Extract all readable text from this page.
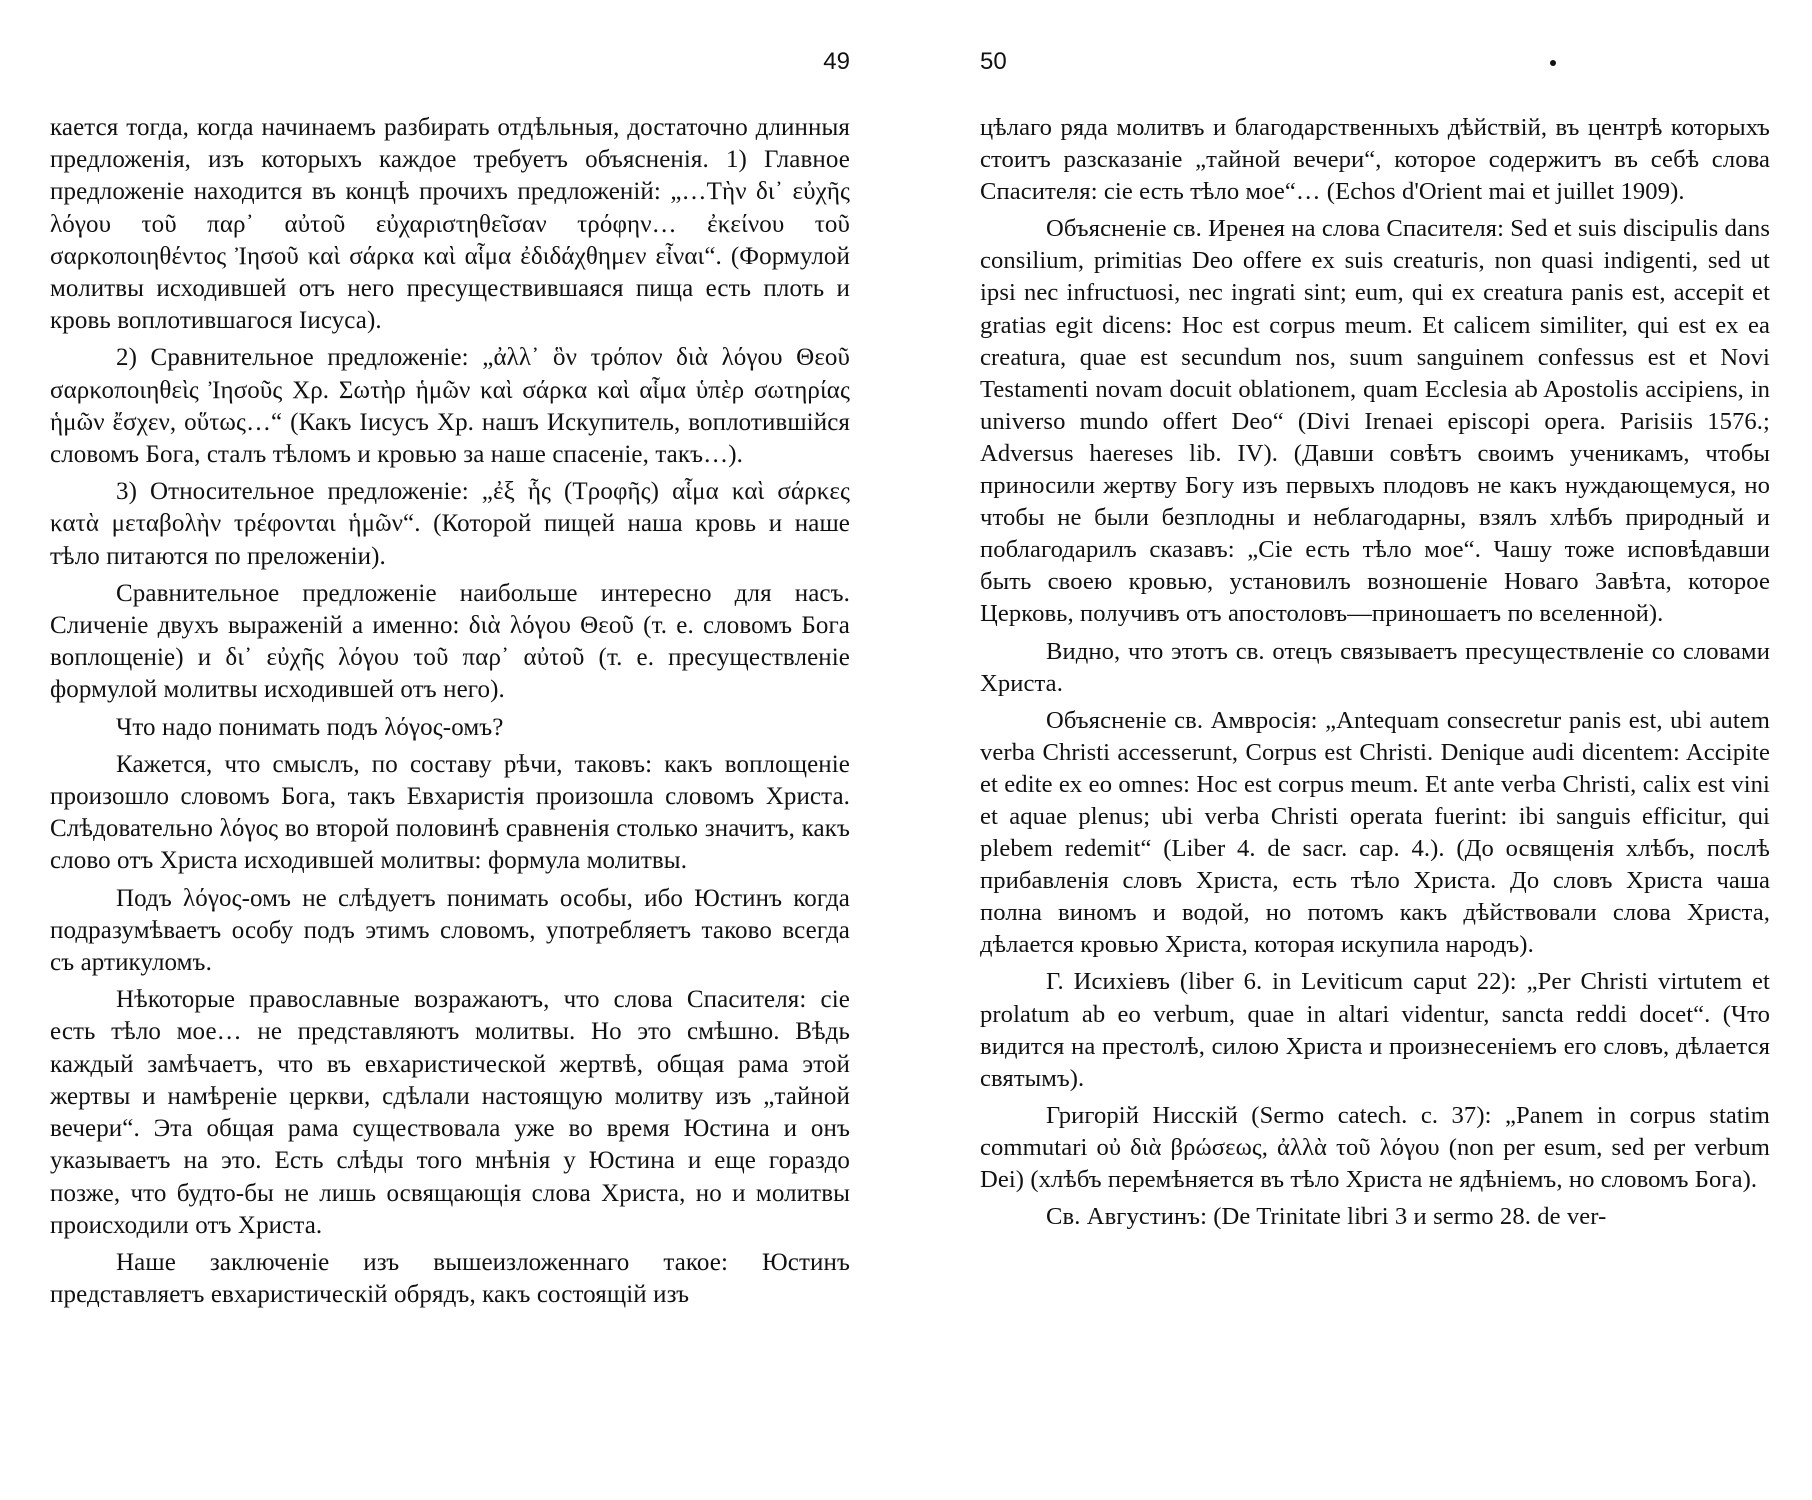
49

кается тогда, когда начинаемъ разбирать отдѣльныя, достаточно длинныя предложенія, изъ которыхъ каждое требуетъ объясненія. 1) Главное предложеніе находится въ концѣ прочихъ предложеній: „…Τὴν δι᾽ εὐχῆς λόγου τοῦ παρ᾽ αὐτοῦ εὐχαριστηθεῖσαν τρόφην… ἐκείνου τοῦ σαρκοποιηθέντος Ἰησοῦ καὶ σάρκα καὶ αἷμα ἐδιδάχθημεν εἶναι“. (Формулой молитвы исходившей отъ него пресуществившаяся пища есть плоть и кровь воплотившагося Іисуса).

2) Сравнительное предложеніе: „ἀλλ᾽ ὃν τρόπον διὰ λόγου Θεοῦ σαρκοποιηθεὶς Ἰησοῦς Χρ. Σωτὴρ ἡμῶν καὶ σάρκα καὶ αἷμα ὑπὲρ σωτηρίας ἡμῶν ἔσχεν, οὕτως…“ (Какъ Іисусъ Хр. нашъ Искупитель, воплотившійся словомъ Бога, сталъ тѣломъ и кровью за наше спасеніе, такъ…).

3) Относительное предложеніе: „ἐξ ἧς (Τροφῆς) αἷμα καὶ σάρκες κατὰ μεταβολὴν τρέφονται ἡμῶν“. (Которой пищей наша кровь и наше тѣло питаются по преложеніи).

Сравнительное предложеніе наибольше интересно для насъ. Сличеніе двухъ выраженій а именно: διὰ λόγου Θεοῦ (т. е. словомъ Бога воплощеніе) и δι᾽ εὐχῆς λόγου τοῦ παρ᾽ αὐτοῦ (т. е. пресуществленіе формулой молитвы исходившей отъ него).

Что надо понимать подъ λόγος-омъ?

Кажется, что смыслъ, по составу рѣчи, таковъ: какъ воплощеніе произошло словомъ Бога, такъ Евхаристія произошла словомъ Христа. Слѣдовательно λόγος во второй половинѣ сравненія столько значитъ, какъ слово отъ Христа исходившей молитвы: формула молитвы.

Подъ λόγος-омъ не слѣдуетъ понимать особы, ибо Юстинъ когда подразумѣваетъ особу подъ этимъ словомъ, употребляетъ таково всегда съ артикуломъ.

Нѣкоторые православные возражаютъ, что слова Спасителя: сіе есть тѣло мое… не представляютъ молитвы. Но это смѣшно. Вѣдь каждый замѣчаетъ, что въ евхаристической жертвѣ, общая рама этой жертвы и намѣреніе церкви, сдѣлали настоящую молитву изъ „тайной вечери“. Эта общая рама существовала уже во время Юстина и онъ указываетъ на это. Есть слѣды того мнѣнія у Юстина и еще гораздо позже, что будто-бы не лишь освящающія слова Христа, но и молитвы происходили отъ Христа.

Наше заключеніе изъ вышеизложеннаго такое: Юстинъ представляетъ евхаристическій обрядъ, какъ состоящій изъ

50

цѣлаго ряда молитвъ и благодарственныхъ дѣйствій, въ центрѣ которыхъ стоитъ разсказаніе „тайной вечери“, которое содержитъ въ себѣ слова Спасителя: сіе есть тѣло мое“… (Echos d'Orient mai et juillet 1909).

Объясненіе св. Иренея на слова Спасителя: Sed et suis discipulis dans consilium, primitias Deo offere ex suis creaturis, non quasi indigenti, sed ut ipsi nec infructuosi, nec ingrati sint; eum, qui ex creatura panis est, accepit et gratias egit dicens: Hoc est corpus meum. Et calicem similiter, qui est ex ea creatura, quae est secundum nos, suum sanguinem confessus est et Novi Testamenti novam docuit oblationem, quam Ecclesia ab Apostolis accipiens, in universo mundo offert Deo“ (Divi Irenaei episcopi opera. Parisiis 1576.; Adversus haereses lib. IV). (Давши совѣтъ своимъ ученикамъ, чтобы приносили жертву Богу изъ первыхъ плодовъ не какъ нуждающемуся, но чтобы не были безплодны и неблагодарны, взялъ хлѣбъ природный и поблагодарилъ сказавъ: „Сіе есть тѣло мое“. Чашу тоже исповѣдавши быть своею кровью, установилъ возношеніе Новаго Завѣта, которое Церковь, получивъ отъ апостоловъ—приношаетъ по вселенной).

Видно, что этотъ св. отецъ связываетъ пресуществленіе со словами Христа.

Объясненіе св. Амвросія: „Antequam consecretur panis est, ubi autem verba Christi accesserunt, Corpus est Christi. Denique audi dicentem: Accipite et edite ex eo omnes: Hoc est corpus meum. Et ante verba Christi, calix est vini et aquae plenus; ubi verba Christi operata fuerint: ibi sanguis efficitur, qui plebem redemit“ (Liber 4. de sacr. cap. 4.). (До освященія хлѣбъ, послѣ прибавленія словъ Христа, есть тѣло Христа. До словъ Христа чаша полна виномъ и водой, но потомъ какъ дѣйствовали слова Христа, дѣлается кровью Христа, которая искупила народъ).

Г. Исихіевъ (liber 6. in Leviticum caput 22): „Per Christi virtutem et prolatum ab eo verbum, quae in altari videntur, sancta reddi docet“. (Что видится на престолѣ, силою Христа и произнесеніемъ его словъ, дѣлается святымъ).

Григорій Нисскій (Sermo catech. c. 37): „Panem in corpus statim commutari οὐ διὰ βρώσεως, ἀλλὰ τοῦ λόγου (non per esum, sed per verbum Dei) (хлѣбъ перемѣняется въ тѣло Христа не ядѣніемъ, но словомъ Бога).

Св. Августинъ: (De Trinitate libri 3 и sermo 28. de ver-
